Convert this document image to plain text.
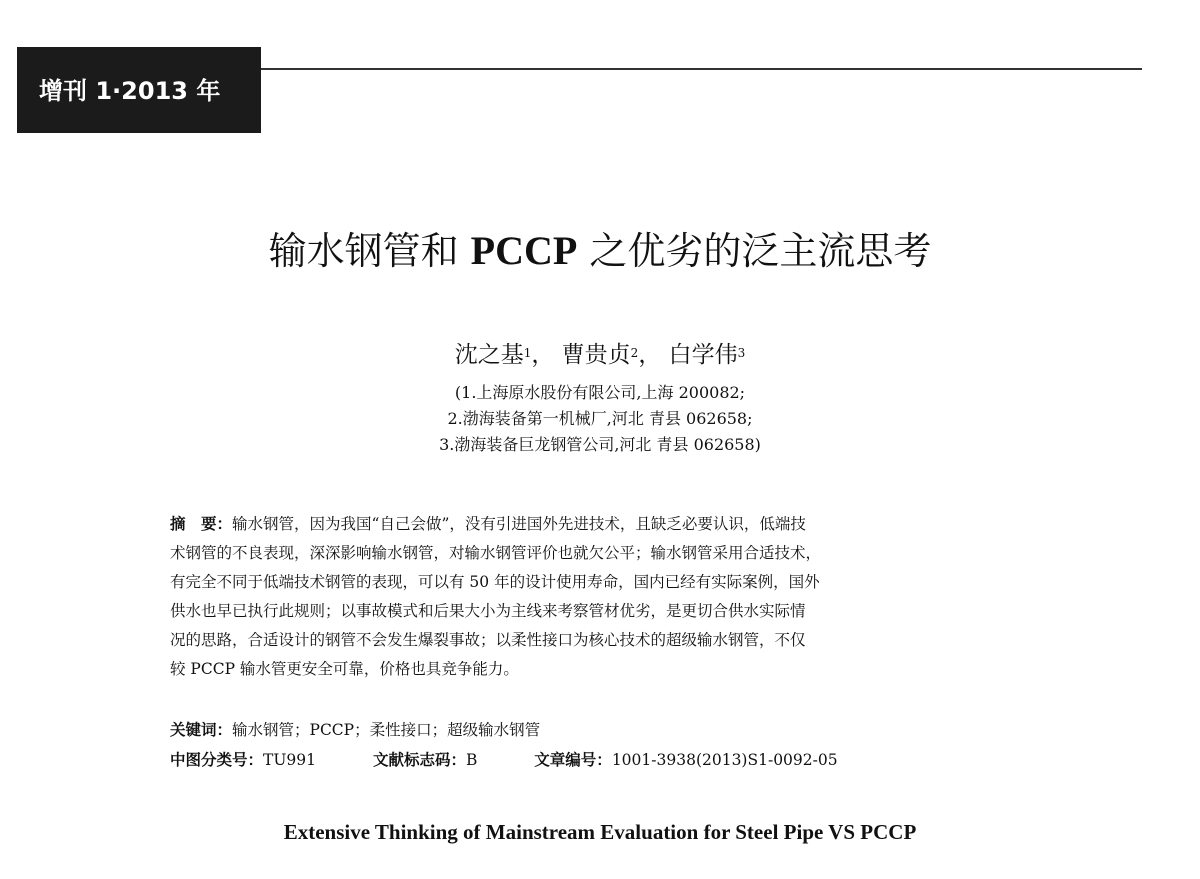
增刊 1·2013 年
输水钢管和 PCCP 之优劣的泛主流思考
沈之基$^1$， 曹贵贞$^2$， 白学伟$^3$
(1.上海原水股份有限公司,上海 200082;
2.渤海装备第一机械厂,河北 青县 062658;
3.渤海装备巨龙钢管公司,河北 青县 062658)
摘　要：输水钢管，因为我国“自己会做”，没有引进国外先进技术，且缺乏必要认识，低端技
术钢管的不良表现，深深影响输水钢管，对输水钢管评价也就欠公平；输水钢管采用合适技术，
有完全不同于低端技术钢管的表现，可以有 50 年的设计使用寿命，国内已经有实际案例，国外
供水也早已执行此规则；以事故模式和后果大小为主线来考察管材优劣，是更切合供水实际情
况的思路，合适设计的钢管不会发生爆裂事故；以柔性接口为核心技术的超级输水钢管，不仅
较 PCCP 输水管更安全可靠，价格也具竞争能力。
关键词：输水钢管；PCCP；柔性接口；超级输水钢管
中图分类号：TU991	文献标志码：B	文章编号：1001-3938(2013)S1-0092-05
Extensive Thinking of Mainstream Evaluation for Steel Pipe VS PCCP
